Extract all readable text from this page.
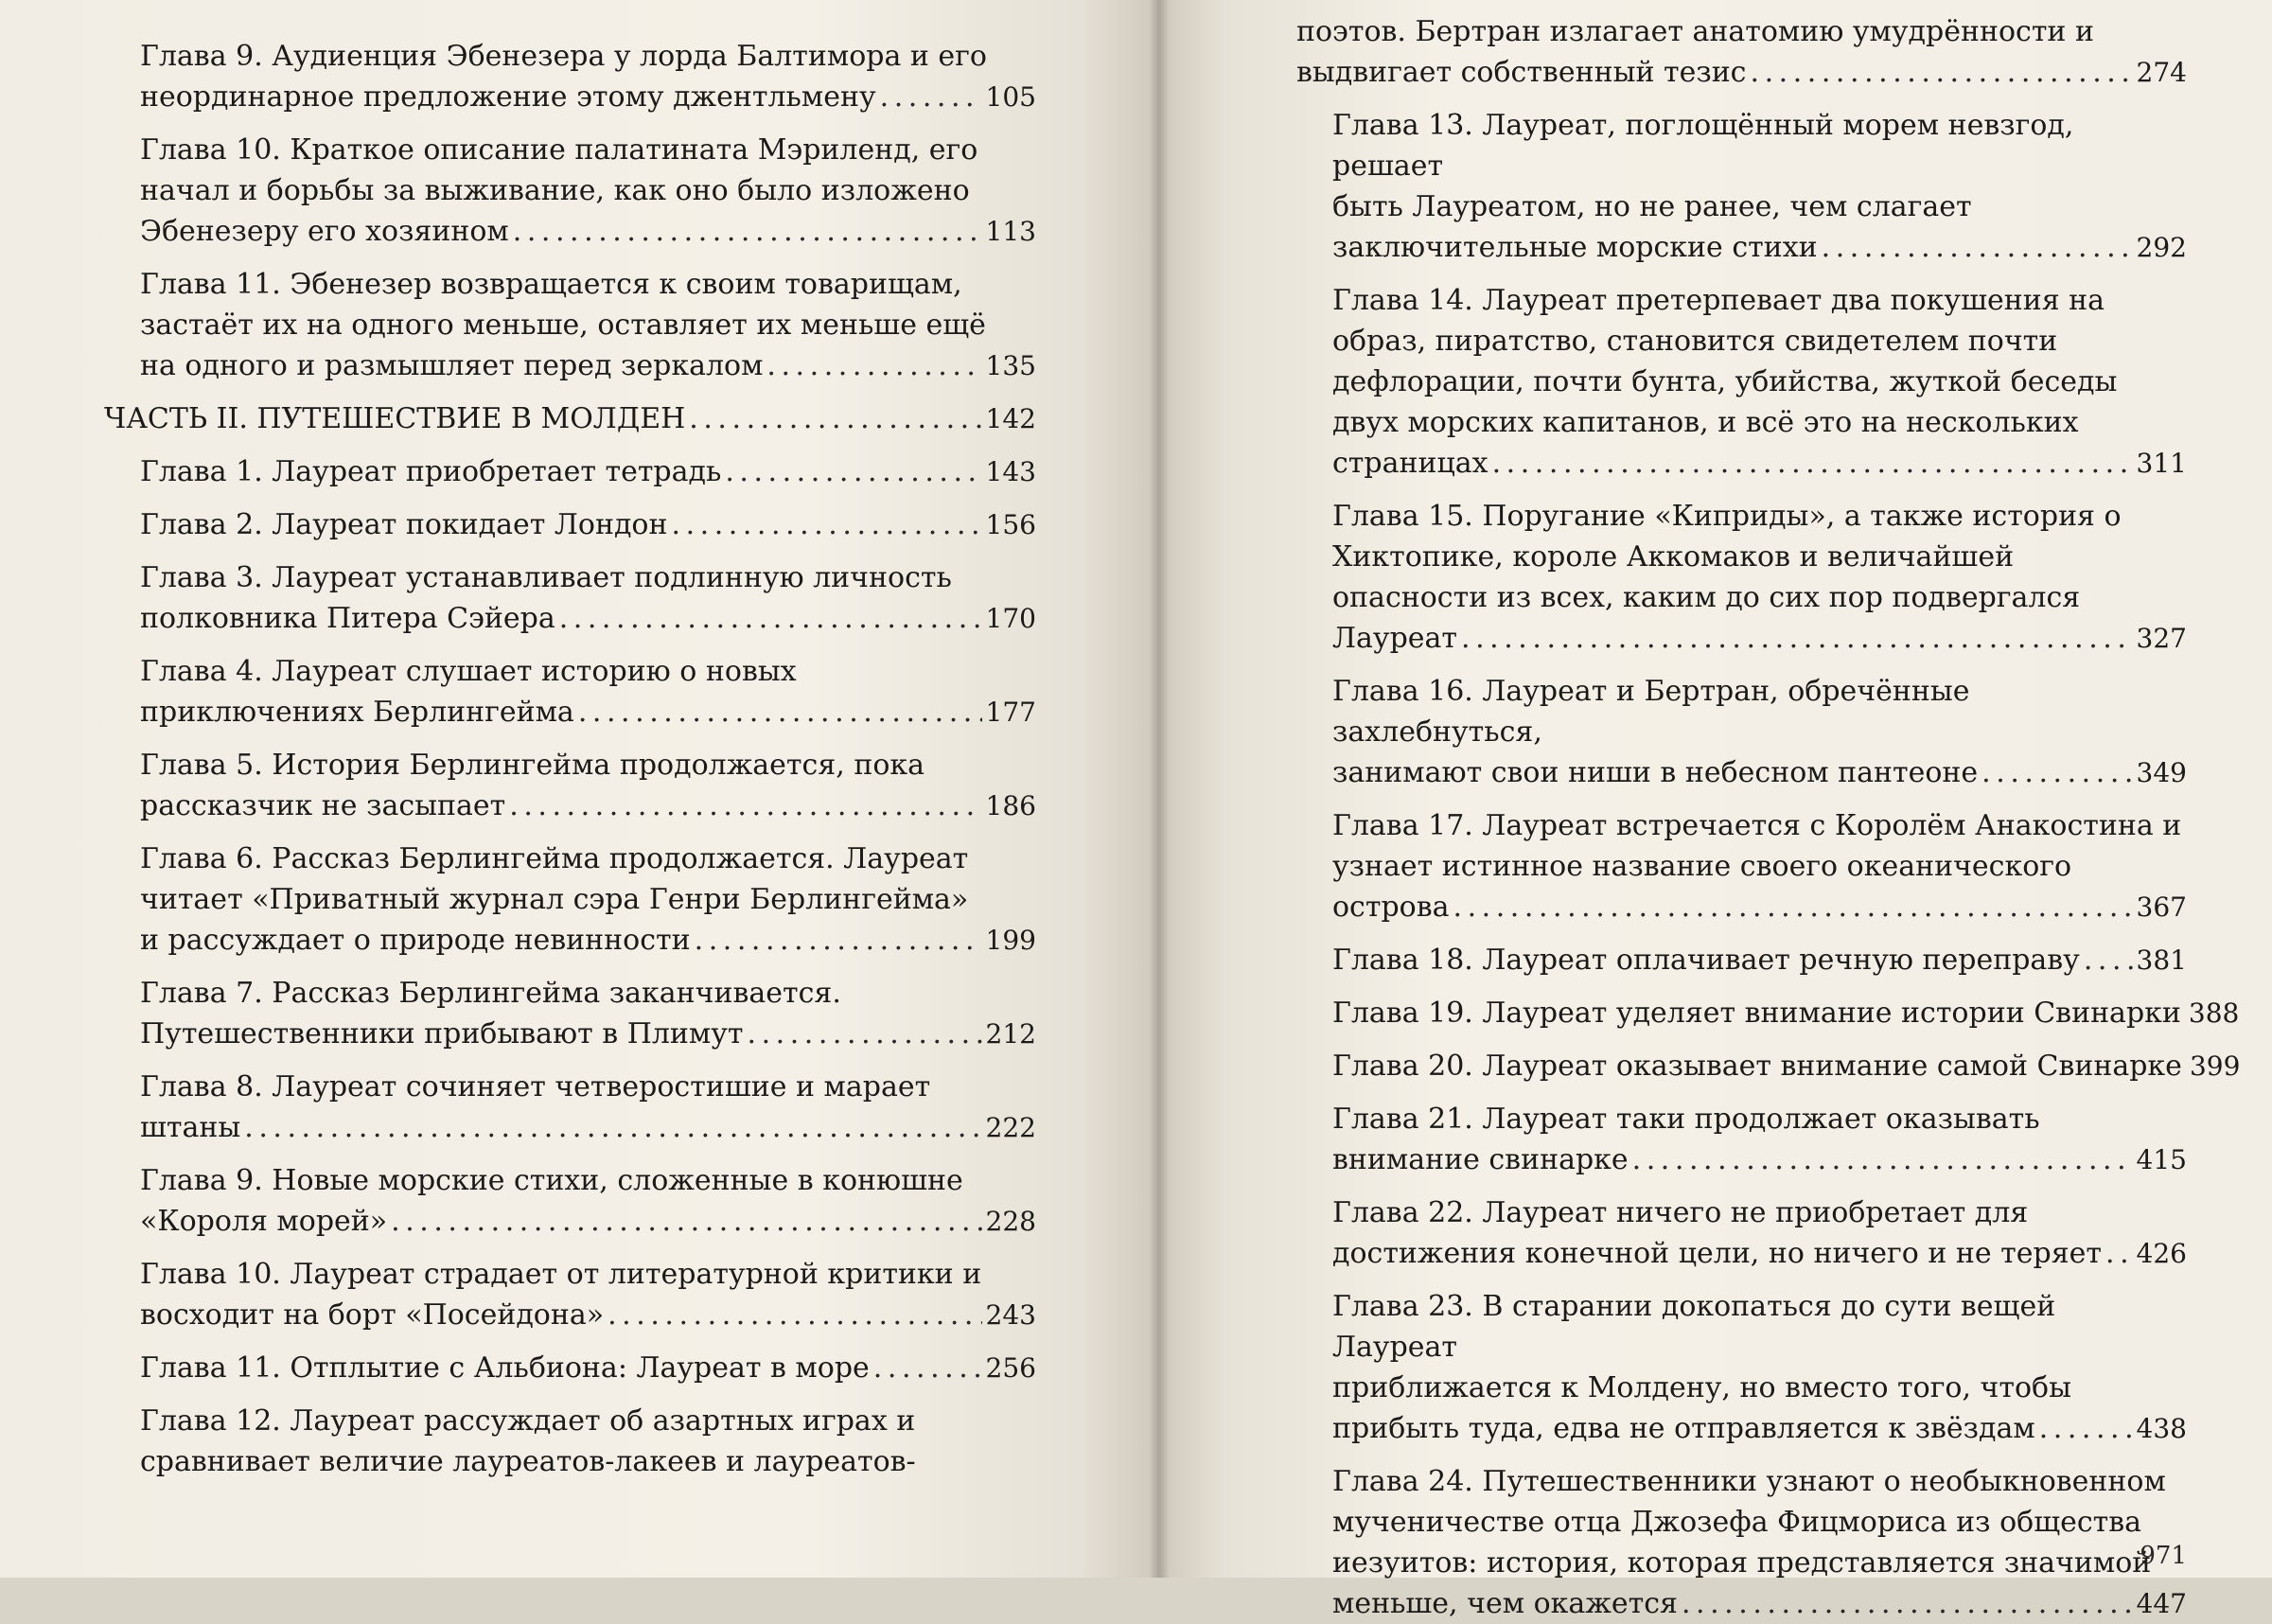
Глава 9. Аудиенция Эбенезера у лорда Балтимора и его
неординарное предложение этому джентльмену . . .	105
Глава 10. Краткое описание палатината Мэриленд, его
начал и борьбы за выживание, как оно было изложено
Эбенезеру его хозяином . . .	113
Глава 11. Эбенезер возвращается к своим товарищам,
застаёт их на одного меньше, оставляет их меньше ещё
на одного и размышляет перед зеркалом . . .	135
ЧАСТЬ II. ПУТЕШЕСТВИЕ В МОЛДЕН . . .	142
Глава 1. Лауреат приобретает тетрадь . . .	143
Глава 2. Лауреат покидает Лондон . . .	156
Глава 3. Лауреат устанавливает подлинную личность
полковника Питера Сэйера . . .	170
Глава 4. Лауреат слушает историю о новых
приключениях Берлингейма . . .	177
Глава 5. История Берлингейма продолжается, пока
рассказчик не засыпает . . .	186
Глава 6. Рассказ Берлингейма продолжается. Лауреат
читает «Приватный журнал сэра Генри Берлингейма»
и рассуждает о природе невинности . . .	199
Глава 7. Рассказ Берлингейма заканчивается.
Путешественники прибывают в Плимут . . .	212
Глава 8. Лауреат сочиняет четверостишие и марает
штаны . . .	222
Глава 9. Новые морские стихи, сложенные в конюшне
«Короля морей» . . .	228
Глава 10. Лауреат страдает от литературной критики и
восходит на борт «Посейдона» . . .	243
Глава 11. Отплытие с Альбиона: Лауреат в море . . .	256
Глава 12. Лауреат рассуждает об азартных играх и
сравнивает величие лауреатов-лакеев и лауреатов-
поэтов. Бертран излагает анатомию умудрённости и
выдвигает собственный тезис . . .	274
Глава 13. Лауреат, поглощённый морем невзгод, решает
быть Лауреатом, но не ранее, чем слагает
заключительные морские стихи . . .	292
Глава 14. Лауреат претерпевает два покушения на
образ, пиратство, становится свидетелем почти
дефлорации, почти бунта, убийства, жуткой беседы
двух морских капитанов, и всё это на нескольких
страницах . . .	311
Глава 15. Поругание «Киприды», а также история о
Хиктопике, короле Аккомаков и величайшей
опасности из всех, каким до сих пор подвергался
Лауреат . . .	327
Глава 16. Лауреат и Бертран, обречённые захлебнуться,
занимают свои ниши в небесном пантеоне . . .	349
Глава 17. Лауреат встречается с Королём Анакостина и
узнает истинное название своего океанического
острова . . .	367
Глава 18. Лауреат оплачивает речную переправу . . . 381
Глава 19. Лауреат уделяет внимание истории Свинарки 388
Глава 20. Лауреат оказывает внимание самой Свинарке 399
Глава 21. Лауреат таки продолжает оказывать
внимание свинарке . . .	415
Глава 22. Лауреат ничего не приобретает для
достижения конечной цели, но ничего и не теряет . . . 426
Глава 23. В старании докопаться до сути вещей Лауреат
приближается к Молдену, но вместо того, чтобы
прибыть туда, едва не отправляется к звёздам . . .	438
Глава 24. Путешественники узнают о необыкновенном
мученичестве отца Джозефа Фицмориса из общества
иезуитов: история, которая представляется значимой
меньше, чем окажется . . .	447
971
